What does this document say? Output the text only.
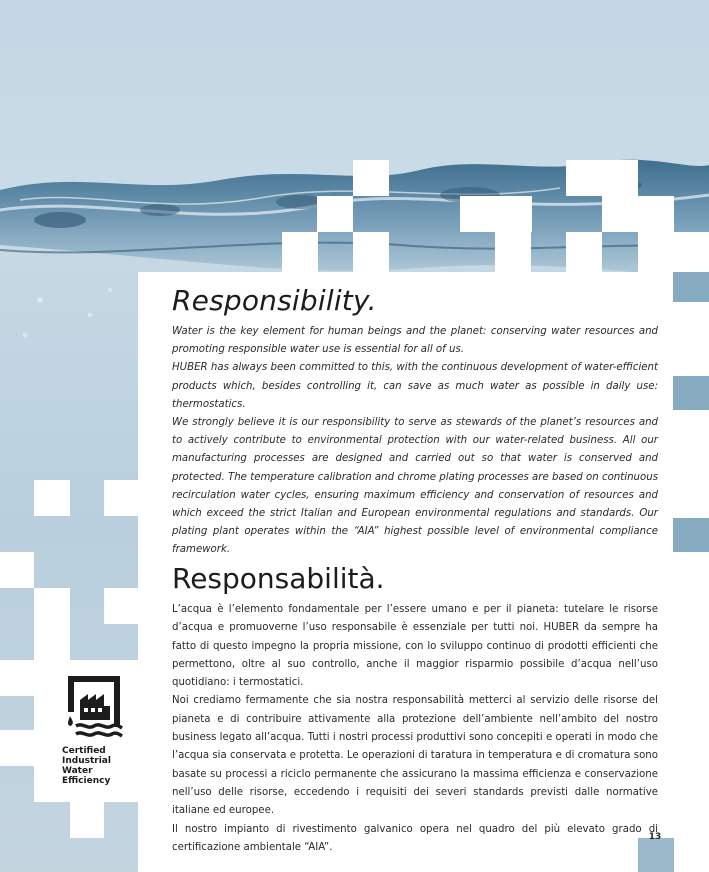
Responsibility.

Water is the key element for human beings and the planet: conserving water resources and promoting responsible water use is essential for all of us.

HUBER has always been committed to this, with the continuous development of water-efficient products which, besides controlling it, can save as much water as possible in daily use: thermostatics.

We strongly believe it is our responsibility to serve as stewards of the planet’s resources and to actively contribute to environmental protection with our water-related business. All our manufacturing processes are designed and carried out so that water is conserved and protected. The temperature calibration and chrome plating processes are based on continuous recirculation water cycles, ensuring maximum efficiency and conservation of resources and which exceed the strict Italian and European environmental regulations and standards. Our plating plant operates within the “AIA” highest possible level of environmental compliance framework.

Responsabilità.

L’acqua è l’elemento fondamentale per l’essere umano e per il pianeta: tutelare le risorse d’acqua e promuoverne l’uso responsabile è essenziale per tutti noi. HUBER da sempre ha fatto di questo impegno la propria missione, con lo sviluppo continuo di prodotti efficienti che permettono, oltre al suo controllo, anche il maggior risparmio possibile d’acqua nell’uso quotidiano: i termostatici.

Noi crediamo fermamente che sia nostra responsabilità metterci al servizio delle risorse del pianeta e di contribuire attivamente alla protezione dell’ambiente nell’ambito del nostro business legato all’acqua. Tutti i nostri processi produttivi sono concepiti e operati in modo che l’acqua sia conservata e protetta. Le operazioni di taratura in temperatura e di cromatura sono basate su processi a riciclo permanente che assicurano la massima efficienza e conservazione nell’uso delle risorse, eccedendo i requisiti dei severi standards previsti dalle normative italiane ed europee.

Il nostro impianto di rivestimento galvanico opera nel quadro del più elevato grado di certificazione ambientale “AIA”.

Certified
Industrial
Water
Efficiency
13
